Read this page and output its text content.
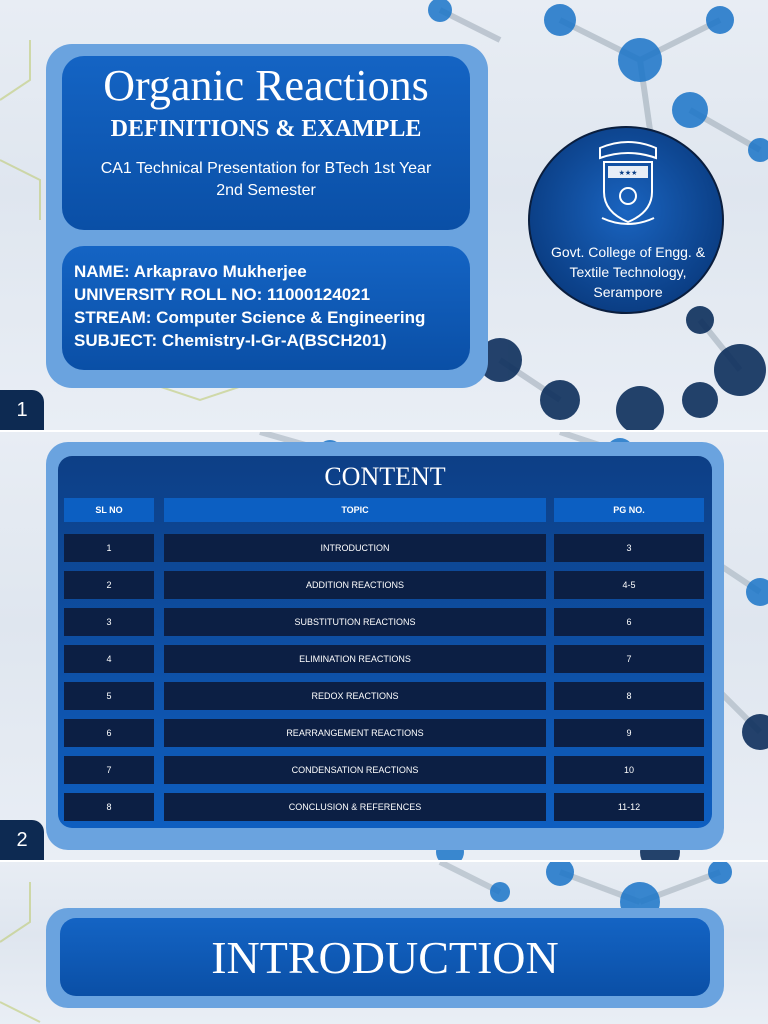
Organic Reactions
DEFINITIONS & EXAMPLE
CA1 Technical Presentation for BTech 1st Year 2nd Semester
NAME: Arkapravo Mukherjee
UNIVERSITY ROLL NO: 11000124021
STREAM: Computer Science & Engineering
SUBJECT: Chemistry-I-Gr-A(BSCH201)
★★★
Govt. College of Engg. & Textile Technology, Serampore
1
CONTENT
SL NO	TOPIC	PG NO.
1	INTRODUCTION	3
2	ADDITION REACTIONS	4-5
3	SUBSTITUTION REACTIONS	6
4	ELIMINATION REACTIONS	7
5	REDOX REACTIONS	8
6	REARRANGEMENT REACTIONS	9
7	CONDENSATION REACTIONS	10
8	CONCLUSION & REFERENCES	11-12
2
INTRODUCTION
